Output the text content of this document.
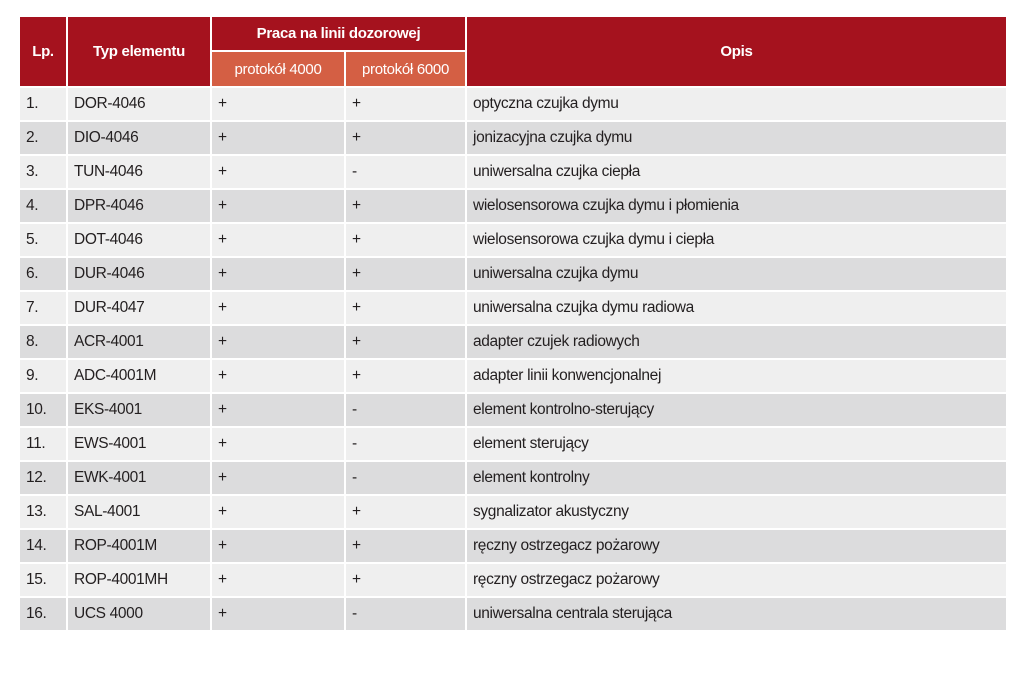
Lp.	Typ elementu	Praca na linii dozorowej		Opis
		protokół 4000	protokół 6000	
1.	DOR-4046	+	+	optyczna czujka dymu
2.	DIO-4046	+	+	jonizacyjna czujka dymu
3.	TUN-4046	+	-	uniwersalna czujka ciepła
4.	DPR-4046	+	+	wielosensorowa czujka dymu i płomienia
5.	DOT-4046	+	+	wielosensorowa czujka dymu i ciepła
6.	DUR-4046	+	+	uniwersalna czujka dymu
7.	DUR-4047	+	+	uniwersalna czujka dymu radiowa
8.	ACR-4001	+	+	adapter czujek radiowych
9.	ADC-4001M	+	+	adapter linii konwencjonalnej
10.	EKS-4001	+	-	element kontrolno-sterujący
11.	EWS-4001	+	-	element sterujący
12.	EWK-4001	+	-	element kontrolny
13.	SAL-4001	+	+	sygnalizator akustyczny
14.	ROP-4001M	+	+	ręczny ostrzegacz pożarowy
15.	ROP-4001MH	+	+	ręczny ostrzegacz pożarowy
16.	UCS 4000	+	-	uniwersalna centrala sterująca
